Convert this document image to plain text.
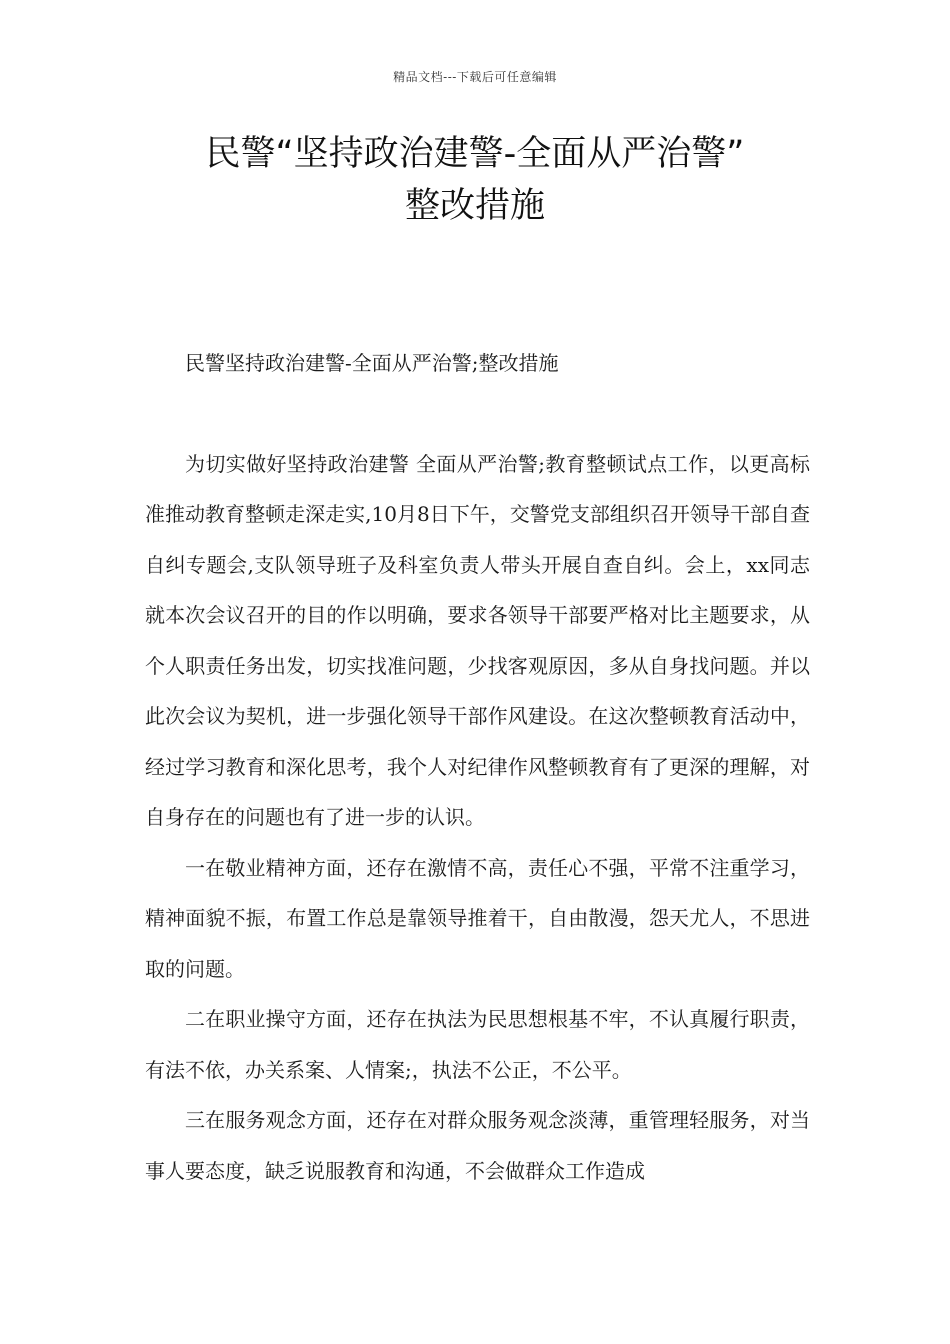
精品文档---下载后可任意编辑
民警“坚持政治建警-全面从严治警”
整改措施

民警坚持政治建警-全面从严治警;整改措施

为切实做好坚持政治建警 全面从严治警;教育整顿试点工作，以更高标准推动教育整顿走深走实,10月8日下午，交警党支部组织召开领导干部自查自纠专题会,支队领导班子及科室负责人带头开展自查自纠。会上，xx同志就本次会议召开的目的作以明确，要求各领导干部要严格对比主题要求，从个人职责任务出发，切实找准问题，少找客观原因，多从自身找问题。并以此次会议为契机，进一步强化领导干部作风建设。在这次整顿教育活动中，经过学习教育和深化思考，我个人对纪律作风整顿教育有了更深的理解，对自身存在的问题也有了进一步的认识。

一在敬业精神方面，还存在激情不高，责任心不强，平常不注重学习，精神面貌不振，布置工作总是靠领导推着干，自由散漫，怨天尤人，不思进取的问题。

二在职业操守方面，还存在执法为民思想根基不牢，不认真履行职责，有法不依，办关系案、人情案;，执法不公正，不公平。

三在服务观念方面，还存在对群众服务观念淡薄，重管理轻服务，对当事人要态度，缺乏说服教育和沟通，不会做群众工作造成
